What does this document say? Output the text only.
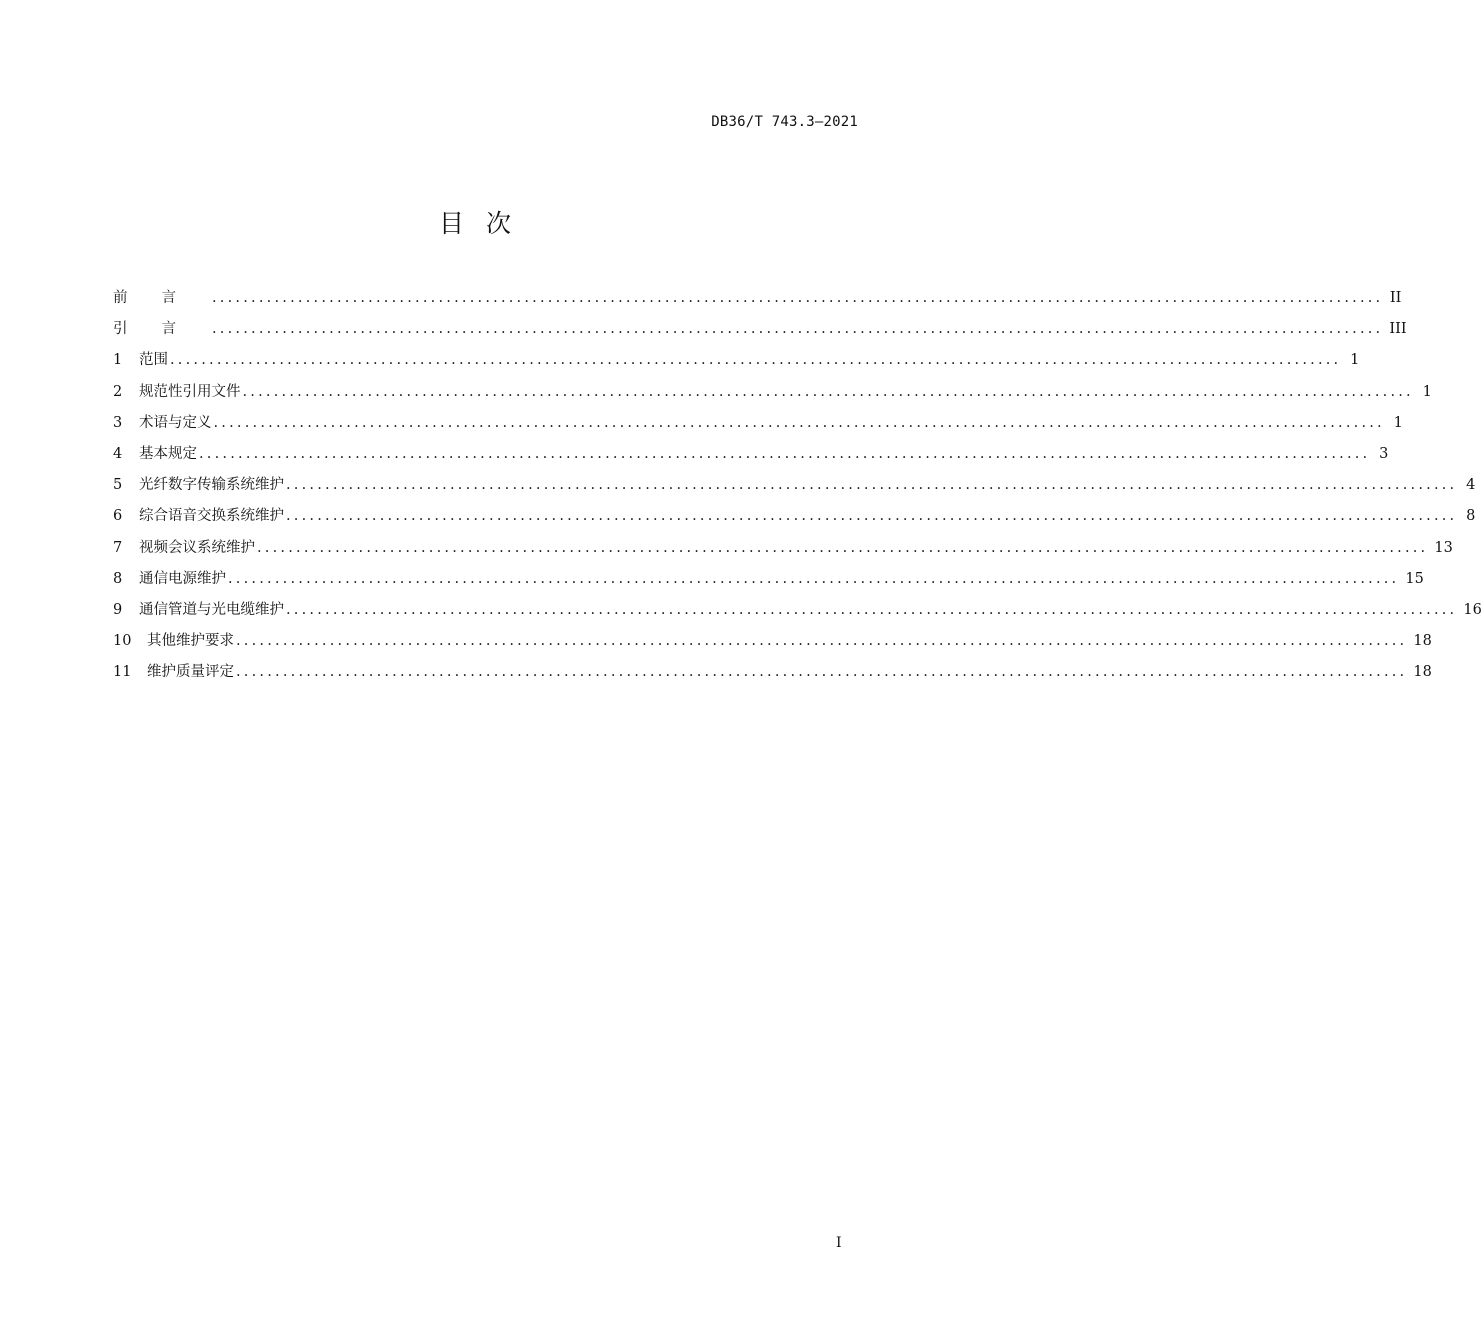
DB36/T 743.3—2021
目次
前言 ...................................................................................................................................................... II
引言 ...................................................................................................................................................... III
1	范围 ...................................................................................................................................................... 1
2	规范性引用文件 ...................................................................................................................................................... 1
3	术语与定义 ...................................................................................................................................................... 1
4	基本规定 ...................................................................................................................................................... 3
5	光纤数字传输系统维护 ...................................................................................................................................................... 4
6	综合语音交换系统维护 ...................................................................................................................................................... 8
7	视频会议系统维护 ...................................................................................................................................................... 13
8	通信电源维护 ...................................................................................................................................................... 15
9	通信管道与光电缆维护 ...................................................................................................................................................... 16
10	其他维护要求 ...................................................................................................................................................... 18
11	维护质量评定 ...................................................................................................................................................... 18
I
